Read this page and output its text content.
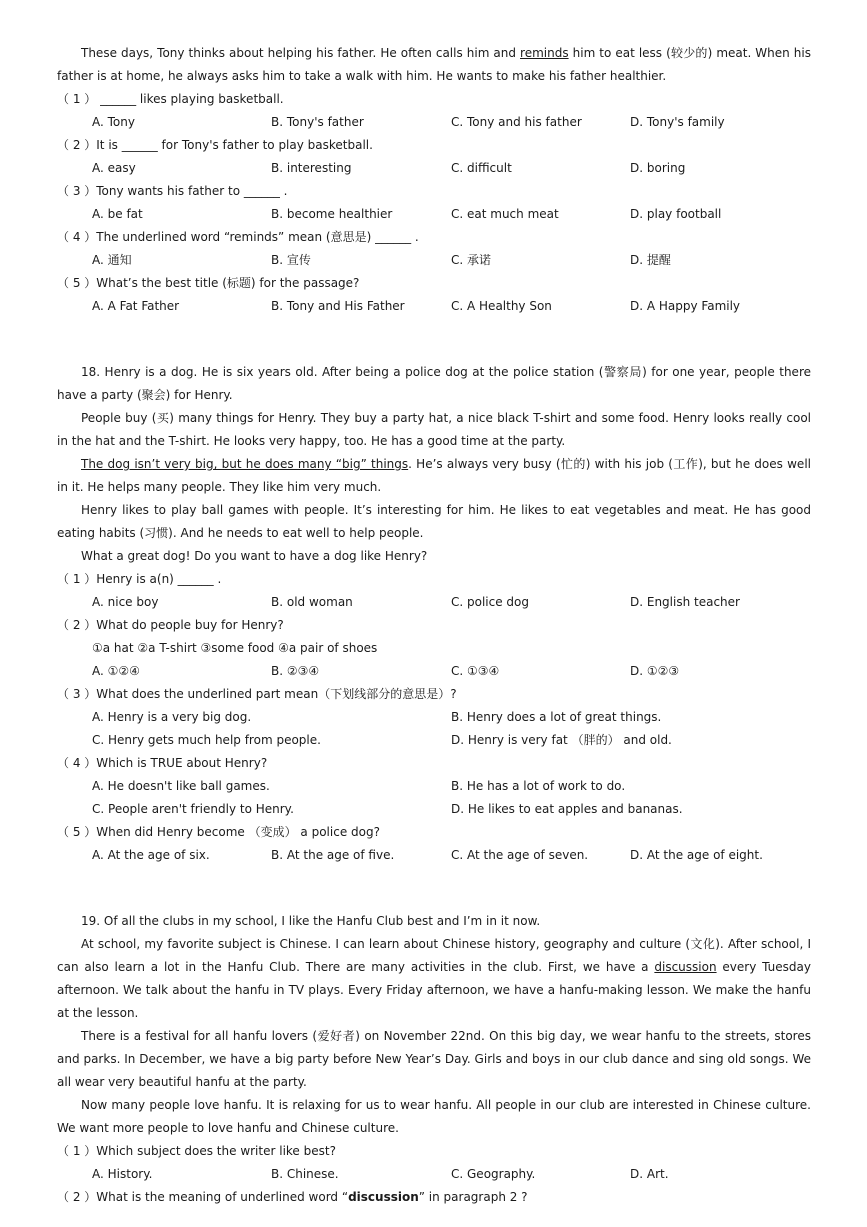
These days, Tony thinks about helping his father. He often calls him and reminds him to eat less (较少的) meat. When his father is at home, he always asks him to take a walk with him. He wants to make his father healthier.

（ 1 ） ______ likes playing basketball.
A. Tony	B. Tony's father	C. Tony and his father	D. Tony's family
（ 2 ）It is ______ for Tony's father to play basketball.
A. easy	B. interesting	C. difficult	D. boring
（ 3 ）Tony wants his father to ______ .
A. be fat	B. become healthier	C. eat much meat	D. play football
（ 4 ）The underlined word “reminds” mean (意思是) ______ .
A. 通知	B. 宣传	C. 承诺	D. 提醒
（ 5 ）What’s the best title (标题) for the passage?
A. A Fat Father	B. Tony and His Father	C. A Healthy Son	D. A Happy Family

18. Henry is a dog. He is six years old. After being a police dog at the police station (警察局) for one year, people there have a party (聚会) for Henry.

People buy (买) many things for Henry. They buy a party hat, a nice black T-shirt and some food. Henry looks really cool in the hat and the T-shirt. He looks very happy, too. He has a good time at the party.

The dog isn’t very big, but he does many “big” things. He’s always very busy (忙的) with his job (工作), but he does well in it. He helps many people. They like him very much.

Henry likes to play ball games with people. It’s interesting for him. He likes to eat vegetables and meat. He has good eating habits (习惯). And he needs to eat well to help people.

What a great dog! Do you want to have a dog like Henry?

（ 1 ）Henry is a(n) ______ .
A. nice boy	B. old woman	C. police dog	D. English teacher
（ 2 ）What do people buy for Henry?
①a hat ②a T-shirt ③some food ④a pair of shoes
A. ①②④	B. ②③④	C. ①③④	D. ①②③
（ 3 ）What does the underlined part mean（下划线部分的意思是）?
A. Henry is a very big dog.	B. Henry does a lot of great things.
C. Henry gets much help from people.	D. Henry is very fat （胖的） and old.
（ 4 ）Which is TRUE about Henry?
A. He doesn't like ball games.	B. He has a lot of work to do.
C. People aren't friendly to Henry.	D. He likes to eat apples and bananas.
（ 5 ）When did Henry become （变成） a police dog?
A. At the age of six.	B. At the age of five.	C. At the age of seven.	D. At the age of eight.

19. Of all the clubs in my school, I like the Hanfu Club best and I’m in it now.

At school, my favorite subject is Chinese. I can learn about Chinese history, geography and culture (文化). After school, I can also learn a lot in the Hanfu Club. There are many activities in the club. First, we have a discussion every Tuesday afternoon. We talk about the hanfu in TV plays. Every Friday afternoon, we have a hanfu-making lesson. We make the hanfu at the lesson.

There is a festival for all hanfu lovers (爱好者) on November 22nd. On this big day, we wear hanfu to the streets, stores and parks. In December, we have a big party before New Year’s Day. Girls and boys in our club dance and sing old songs. We all wear very beautiful hanfu at the party.

Now many people love hanfu. It is relaxing for us to wear hanfu. All people in our club are interested in Chinese culture. We want more people to love hanfu and Chinese culture.

（ 1 ）Which subject does the writer like best?
A. History.	B. Chinese.	C. Geography.	D. Art.
（ 2 ）What is the meaning of underlined word “discussion” in paragraph 2 ?
